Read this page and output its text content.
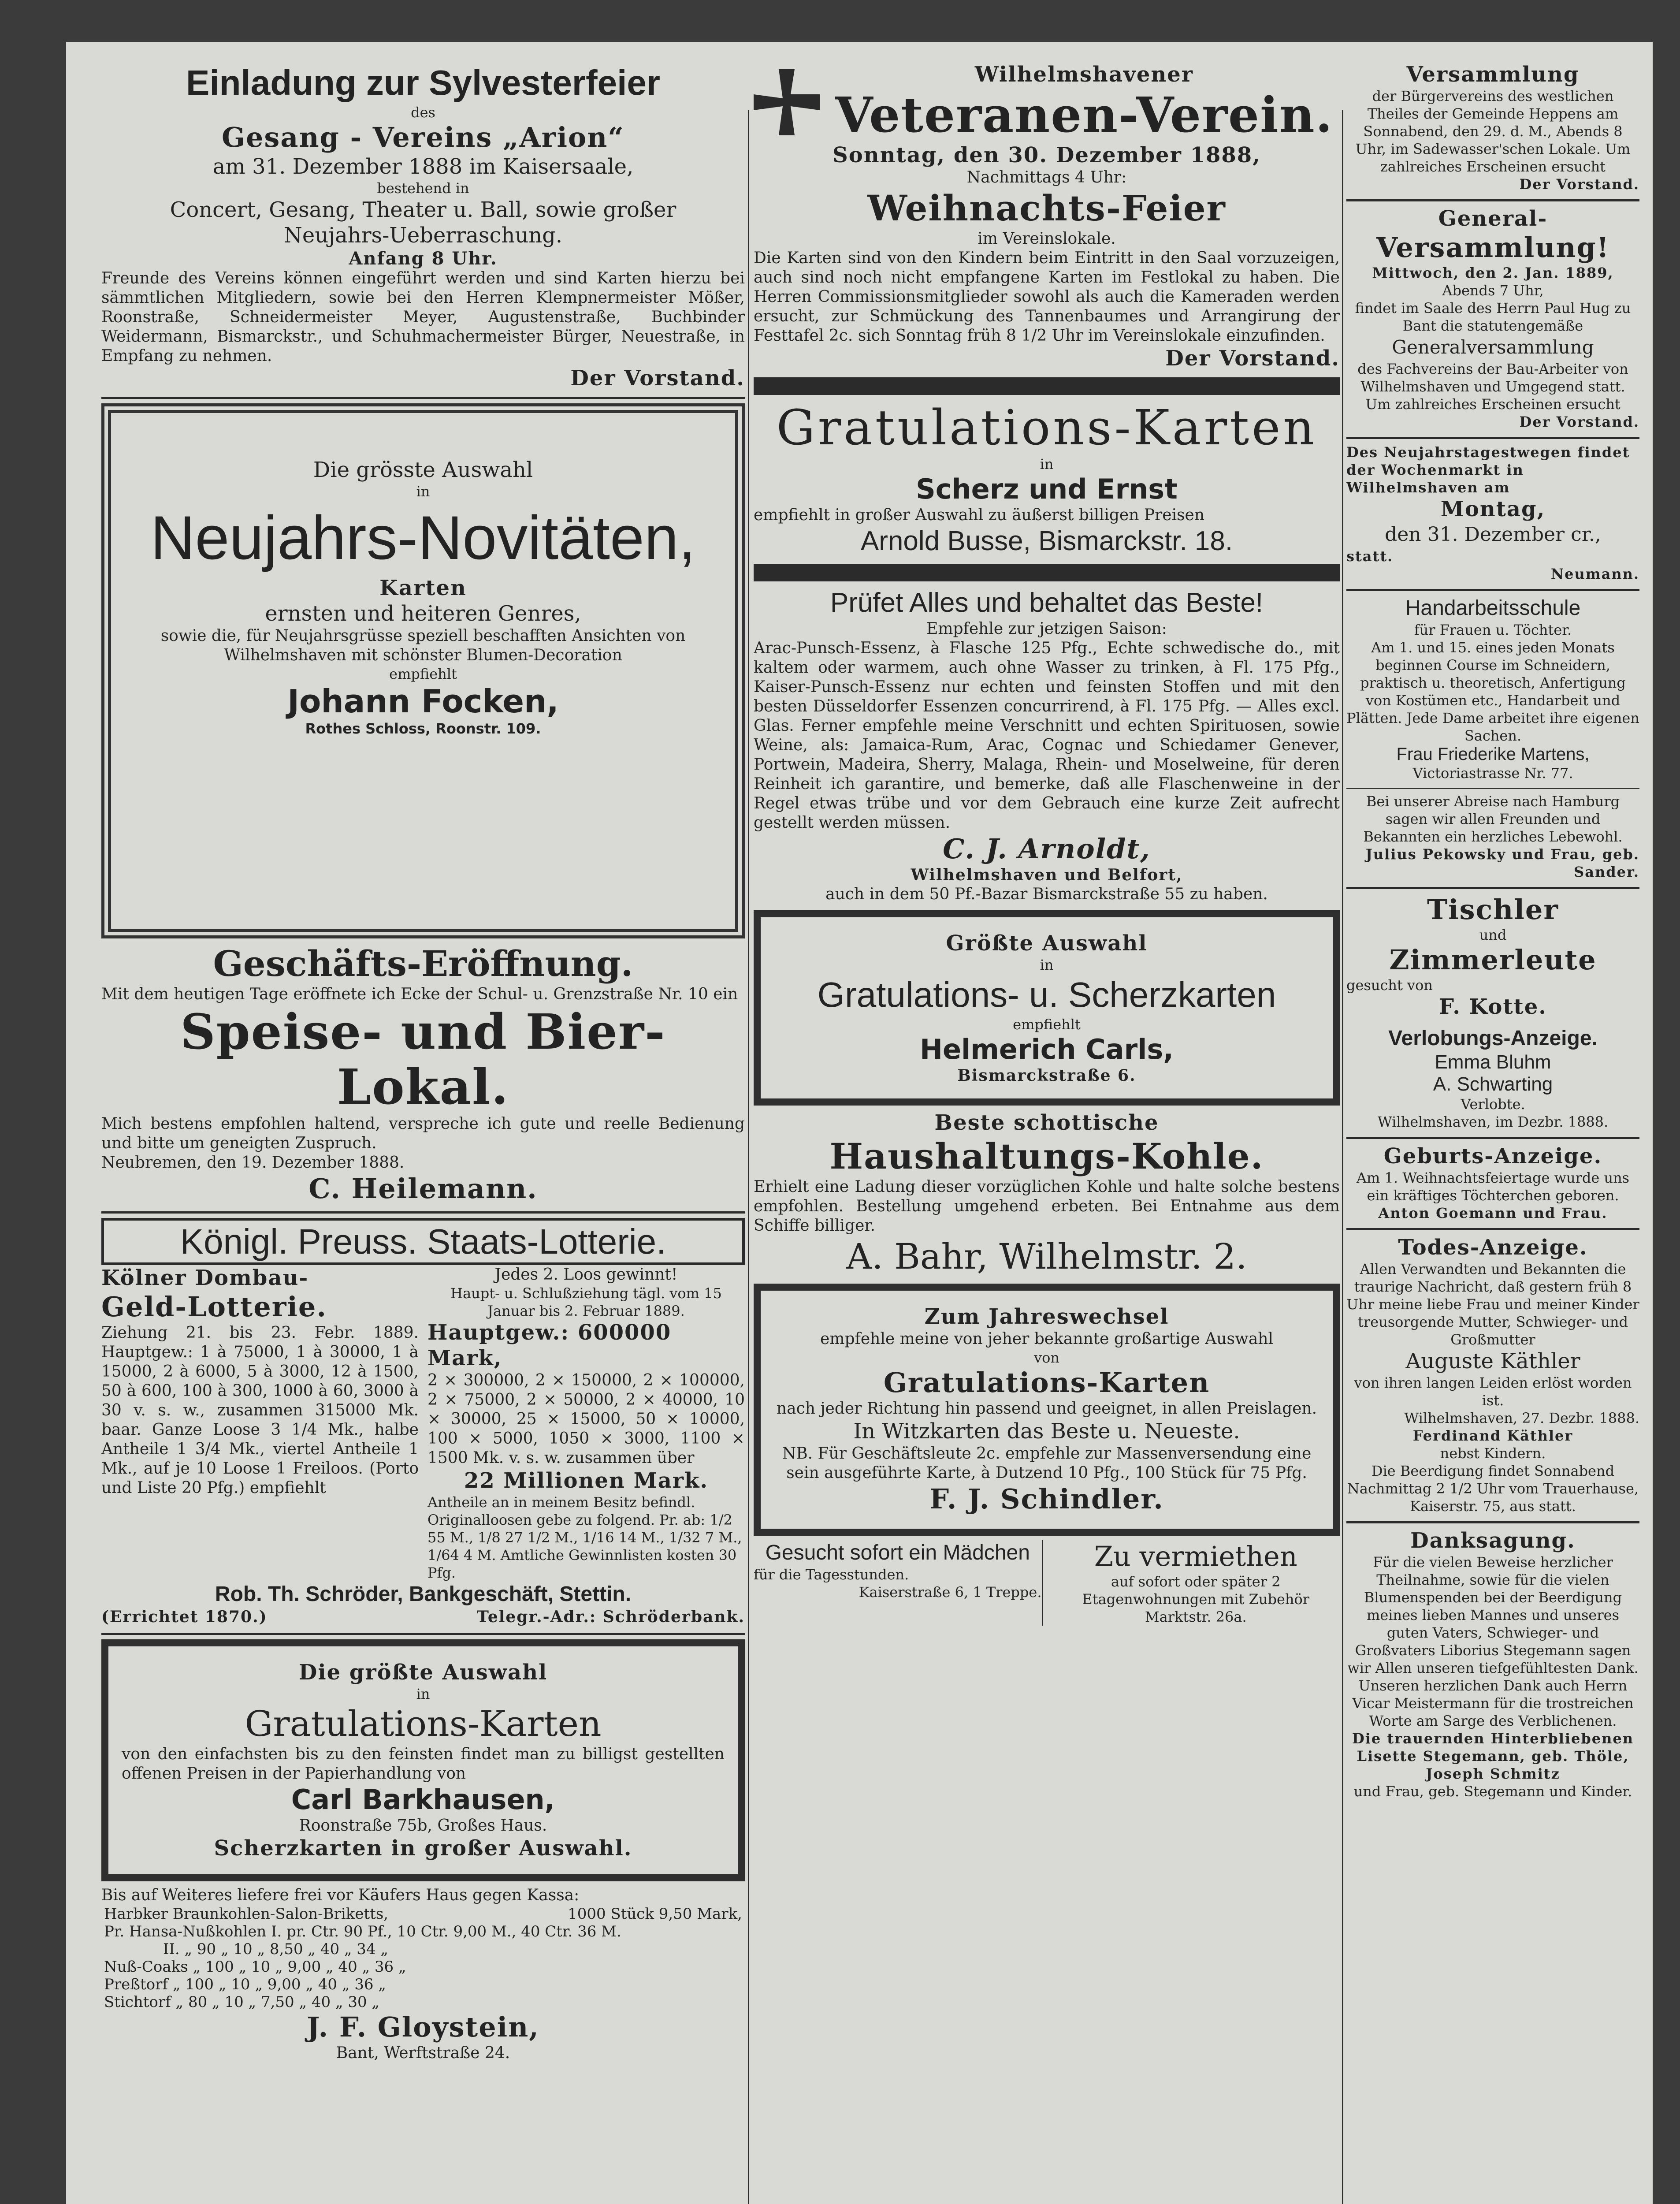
Einladung zur Sylvesterfeier
des
Gesang - Vereins „Arion“
am 31. Dezember 1888 im Kaisersaale,
bestehend in
Concert, Gesang, Theater u. Ball, sowie großer
Neujahrs-Ueberraschung.
Anfang 8 Uhr.
Freunde des Vereins können eingeführt werden und sind Karten hierzu bei sämmtlichen Mitgliedern, sowie bei den Herren Klempnermeister Mößer, Roonstraße, Schneidermeister Meyer, Augustenstraße, Buchbinder Weidermann, Bismarckstr., und Schuhmachermeister Bürger, Neuestraße, in Empfang zu nehmen.
Der Vorstand.
Die grösste Auswahl
in
Neujahrs-Novitäten,
Karten
ernsten und heiteren Genres,
sowie die, für Neujahrsgrüsse speziell beschafften Ansichten von Wilhelmshaven mit schönster Blumen-Decoration
empfiehlt
Johann Focken,
Rothes Schloss, Roonstr. 109.
Geschäfts-Eröffnung.
Mit dem heutigen Tage eröffnete ich Ecke der Schul- u. Grenzstraße Nr. 10 ein
Speise- und Bier-Lokal.
Mich bestens empfohlen haltend, verspreche ich gute und reelle Bedienung und bitte um geneigten Zuspruch.
Neubremen, den 19. Dezember 1888.
C. Heilemann.
Königl. Preuss. Staats-Lotterie.
Kölner Dombau-
Geld-Lotterie.
Ziehung 21. bis 23. Febr. 1889. Hauptgew.: 1 à 75000, 1 à 30000, 1 à 15000, 2 à 6000, 5 à 3000, 12 à 1500, 50 à 600, 100 à 300, 1000 à 60, 3000 à 30 v. s. w., zusammen 315000 Mk. baar. Ganze Loose 3 1/4 Mk., halbe Antheile 1 3/4 Mk., viertel Antheile 1 Mk., auf je 10 Loose 1 Freiloos. (Porto und Liste 20 Pfg.) empfiehlt
Jedes 2. Loos gewinnt!
Haupt- u. Schlußziehung tägl. vom 15 Januar bis 2. Februar 1889.
Hauptgew.: 600000 Mark,
2 × 300000, 2 × 150000, 2 × 100000, 2 × 75000, 2 × 50000, 2 × 40000, 10 × 30000, 25 × 15000, 50 × 10000, 100 × 5000, 1050 × 3000, 1100 × 1500 Mk. v. s. w. zusammen über
22 Millionen Mark.
Antheile an in meinem Besitz befindl. Originalloosen gebe zu folgend. Pr. ab: 1/2 55 M., 1/8 27 1/2 M., 1/16 14 M., 1/32 7 M., 1/64 4 M. Amtliche Gewinnlisten kosten 30 Pfg.
Rob. Th. Schröder, Bankgeschäft, Stettin.
(Errichtet 1870.)	Telegr.-Adr.: Schröderbank.
Die größte Auswahl
in
Gratulations-Karten
von den einfachsten bis zu den feinsten findet man zu billigst gestellten offenen Preisen in der Papierhandlung von
Carl Barkhausen,
Roonstraße 75b, Großes Haus.
Scherzkarten in großer Auswahl.
Bis auf Weiteres liefere frei vor Käufers Haus gegen Kassa:
Harbker Braunkohlen-Salon-Briketts,	1000 Stück 9,50 Mark,
Pr. Hansa-Nußkohlen I. pr. Ctr. 90 Pf., 10 Ctr. 9,00 M., 40 Ctr. 36 M.
II. „ 90 „ 10 „ 8,50 „ 40 „ 34 „
Nuß-Coaks „ 100 „ 10 „ 9,00 „ 40 „ 36 „
Preßtorf „ 100 „ 10 „ 9,00 „ 40 „ 36 „
Stichtorf „ 80 „ 10 „ 7,50 „ 40 „ 30 „
J. F. Gloystein,
Bant, Werftstraße 24.
Wilhelmshavener
Veteranen-Verein.
Sonntag, den 30. Dezember 1888,
Nachmittags 4 Uhr:
Weihnachts-Feier
im Vereinslokale.
Die Karten sind von den Kindern beim Eintritt in den Saal vorzuzeigen, auch sind noch nicht empfangene Karten im Festlokal zu haben. Die Herren Commissionsmitglieder sowohl als auch die Kameraden werden ersucht, zur Schmückung des Tannenbaumes und Arrangirung der Festtafel 2c. sich Sonntag früh 8 1/2 Uhr im Vereinslokale einzufinden.
Der Vorstand.
Gratulations-Karten
in
Scherz und Ernst
empfiehlt in großer Auswahl zu äußerst billigen Preisen
Arnold Busse, Bismarckstr. 18.
Prüfet Alles und behaltet das Beste!
Empfehle zur jetzigen Saison:
Arac-Punsch-Essenz, à Flasche 125 Pfg., Echte schwedische do., mit kaltem oder warmem, auch ohne Wasser zu trinken, à Fl. 175 Pfg., Kaiser-Punsch-Essenz nur echten und feinsten Stoffen und mit den besten Düsseldorfer Essenzen concurrirend, à Fl. 175 Pfg. — Alles excl. Glas. Ferner empfehle meine Verschnitt und echten Spirituosen, sowie Weine, als: Jamaica-Rum, Arac, Cognac und Schiedamer Genever, Portwein, Madeira, Sherry, Malaga, Rhein- und Moselweine, für deren Reinheit ich garantire, und bemerke, daß alle Flaschenweine in der Regel etwas trübe und vor dem Gebrauch eine kurze Zeit aufrecht gestellt werden müssen.
C. J. Arnoldt,
Wilhelmshaven und Belfort,
auch in dem 50 Pf.-Bazar Bismarckstraße 55 zu haben.
Größte Auswahl
in
Gratulations- u. Scherzkarten
empfiehlt
Helmerich Carls,
Bismarckstraße 6.
Beste schottische
Haushaltungs-Kohle.
Erhielt eine Ladung dieser vorzüglichen Kohle und halte solche bestens empfohlen. Bestellung umgehend erbeten. Bei Entnahme aus dem Schiffe billiger.
A. Bahr, Wilhelmstr. 2.
Zum Jahreswechsel
empfehle meine von jeher bekannte großartige Auswahl
von
Gratulations-Karten
nach jeder Richtung hin passend und geeignet, in allen Preislagen.
In Witzkarten das Beste u. Neueste.
NB. Für Geschäftsleute 2c. empfehle zur Massenversendung eine sein ausgeführte Karte, à Dutzend 10 Pfg., 100 Stück für 75 Pfg.
F. J. Schindler.
Gesucht sofort ein Mädchen
für die Tagesstunden.
Kaiserstraße 6, 1 Treppe.
Zu vermiethen
auf sofort oder später 2 Etagenwohnungen mit Zubehör Marktstr. 26a.
Versammlung
der Bürgervereins des westlichen Theiles der Gemeinde Heppens am Sonnabend, den 29. d. M., Abends 8 Uhr, im Sadewasser'schen Lokale. Um zahlreiches Erscheinen ersucht
Der Vorstand.
General-
Versammlung!
Mittwoch, den 2. Jan. 1889,
Abends 7 Uhr,
findet im Saale des Herrn Paul Hug zu Bant die statutengemäße
Generalversammlung
des Fachvereins der Bau-Arbeiter von Wilhelmshaven und Umgegend statt. Um zahlreiches Erscheinen ersucht
Der Vorstand.
Des Neujahrstagestwegen findet der Wochenmarkt in Wilhelmshaven am
Montag,
den 31. Dezember cr.,
statt.
Neumann.
Handarbeitsschule
für Frauen u. Töchter.
Am 1. und 15. eines jeden Monats beginnen Course im Schneidern, praktisch u. theoretisch, Anfertigung von Kostümen etc., Handarbeit und Plätten. Jede Dame arbeitet ihre eigenen Sachen.
Frau Friederike Martens,
Victoriastrasse Nr. 77.
Bei unserer Abreise nach Hamburg sagen wir allen Freunden und Bekannten ein herzliches Lebewohl.
Julius Pekowsky und Frau, geb. Sander.
Tischler
und
Zimmerleute
gesucht von
F. Kotte.
Verlobungs-Anzeige.
Emma Bluhm
A. Schwarting
Verlobte.
Wilhelmshaven, im Dezbr. 1888.
Geburts-Anzeige.
Am 1. Weihnachtsfeiertage wurde uns ein kräftiges Töchterchen geboren.
Anton Goemann und Frau.
Todes-Anzeige.
Allen Verwandten und Bekannten die traurige Nachricht, daß gestern früh 8 Uhr meine liebe Frau und meiner Kinder treusorgende Mutter, Schwieger- und Großmutter
Auguste Käthler
von ihren langen Leiden erlöst worden ist.
Wilhelmshaven, 27. Dezbr. 1888.
Ferdinand Käthler
nebst Kindern.
Die Beerdigung findet Sonnabend Nachmittag 2 1/2 Uhr vom Trauerhause, Kaiserstr. 75, aus statt.
Danksagung.
Für die vielen Beweise herzlicher Theilnahme, sowie für die vielen Blumenspenden bei der Beerdigung meines lieben Mannes und unseres guten Vaters, Schwieger- und Großvaters Liborius Stegemann sagen wir Allen unseren tiefgefühltesten Dank. Unseren herzlichen Dank auch Herrn Vicar Meistermann für die trostreichen Worte am Sarge des Verblichenen.
Die trauernden Hinterbliebenen
Lisette Stegemann, geb. Thöle,
Joseph Schmitz
und Frau, geb. Stegemann und Kinder.
